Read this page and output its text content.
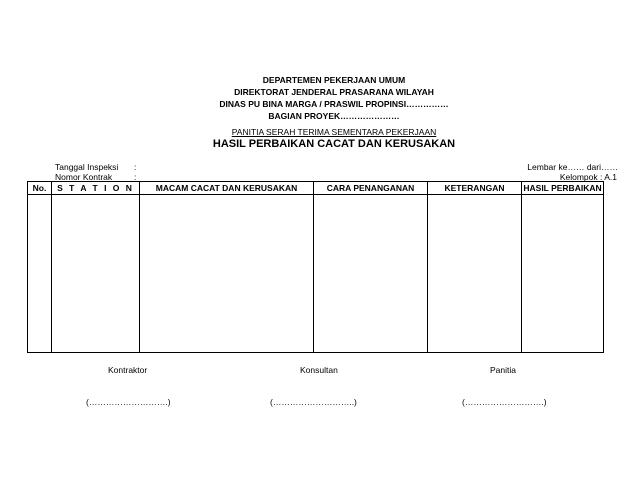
DEPARTEMEN PEKERJAAN UMUM
DIREKTORAT JENDERAL PRASARANA WILAYAH
DINAS PU BINA MARGA / PRASWIL PROPINSI……………
BAGIAN PROYEK…………………
PANITIA SERAH TERIMA SEMENTARA PEKERJAAN
HASIL PERBAIKAN CACAT DAN KERUSAKAN
Tanggal Inspeksi :
Nomor Kontrak	:
Lembar ke…… dari……
Kelompok : A.1
No.	S T A T I O N	MACAM CACAT DAN KERUSAKAN	CARA PENANGANAN	KETERANGAN	HASIL PERBAIKAN

Kontraktor	Konsultan	Panitia
(……………………….)	(………………………..)	(……………………….)
